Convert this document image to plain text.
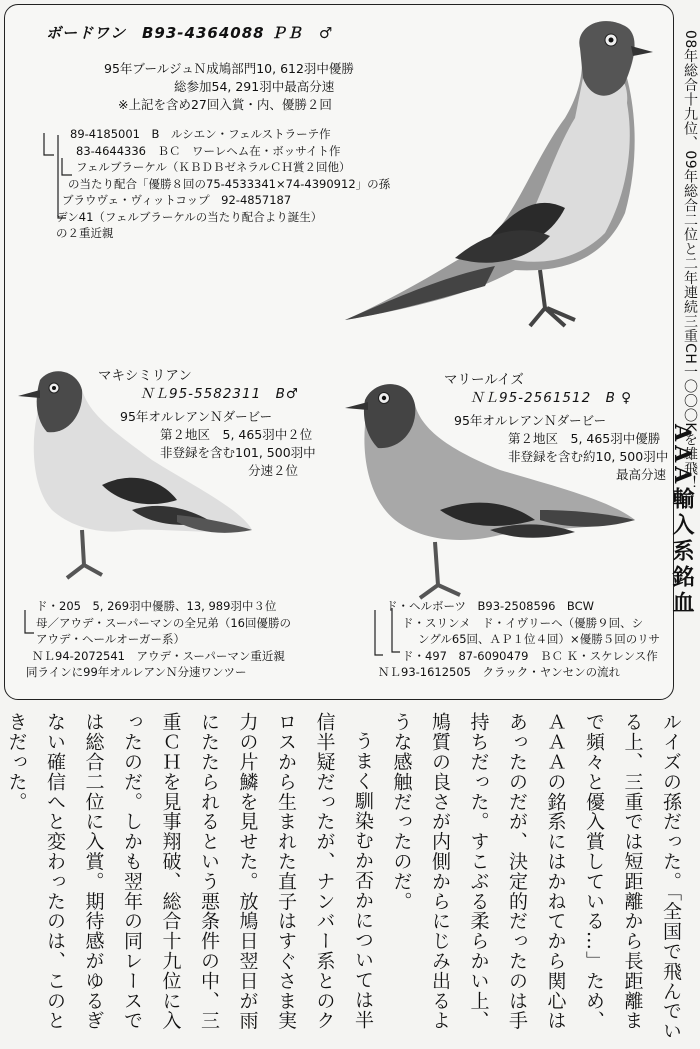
ボードワン　B93-4364088 ＰＢ　♂
95年ブールジュＮ成鳩部門10, 612羽中優勝
総参加54, 291羽中最高分速
※上記を含め27回入賞・内、優勝２回
89-4185001　B　ルシエン・フェルストラーテ作
83-4644336　ＢＣ　ワーレヘム在・ボッサイト作
フェルブラーケル（ＫＢＤＢゼネラルＣＨ賞２回他）
の当たり配合「優勝８回の75-4533341×74-4390912」の孫
ブラウヴェ・ヴィットコップ　92-4857187
デン41（フェルブラーケルの当たり配合より誕生）
の２重近親
マキシミリアン
ＮＬ95-5582311　B♂
95年オルレアンＮダービー
第２地区　5, 465羽中２位
非登録を含む101, 500羽中
分速２位
ド・205　5, 269羽中優勝、13, 989羽中３位
母／アウデ・スーパーマンの全兄弟（16回優勝の
アウデ・ヘールオーガー系）
ＮＬ94-2072541　アウデ・スーパーマン重近親
同ラインに99年オルレアンＮ分速ワンツー
マリールイズ
ＮＬ95-2561512　B ♀
95年オルレアンＮダービー
第２地区　5, 465羽中優勝
非登録を含む約10, 500羽中
最高分速
ド・ヘルボーツ　B93-2508596　BCW
ド・スリンメ　ド・イヴリーヘ（優勝９回、シ
ングル65回、ＡＰ１位４回）×優勝５回のリサ
ド・497　87-6090479　ＢＣ Ｋ・スケレンス作
ＮＬ93-1612505　クラック・ヤンセンの流れ
08年総合十九位、09年総合二位と二年連続三重CH一〇〇〇Kを雄飛！
AAA輸入系銘血

ルイズの孫だった。「全国で飛んでいる上、三重では短距離から長距離まで頻々と優入賞している…」ため、ＡＡＡの銘系にはかねてから関心はあったのだが、決定的だったのは手持ちだった。すこぶる柔らかい上、鳩質の良さが内側からにじみ出るような感触だったのだ。

うまく馴染むか否かについては半信半疑だったが、ナンバー系とのクロスから生まれた直子はすぐさま実力の片鱗を見せた。放鳩日翌日が雨にたたられるという悪条件の中、三重ＣＨを見事翔破、総合十九位に入ったのだ。しかも翌年の同レースでは総合二位に入賞。期待感がゆるぎない確信へと変わったのは、このときだった。
